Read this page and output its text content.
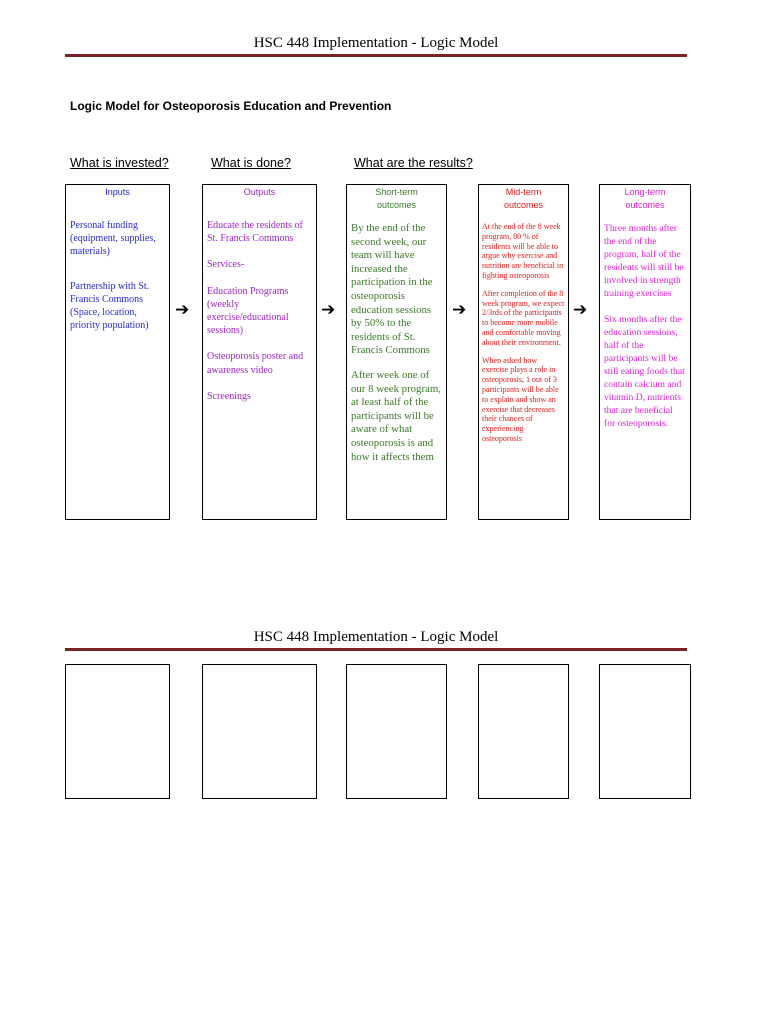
HSC 448 Implementation - Logic Model
Logic Model for Osteoporosis Education and Prevention
What is invested?	What is done?	What are the results?
Inputs

Personal funding (equipment, supplies, materials)

Partnership with St. Francis Commons (Space, location, priority population)

➔
Outputs

Educate the residents of St. Francis Commons

Services-

Education Programs (weekly exercise/educational sessions)

Osteoporosis poster and awareness video

Screenings

➔
Short-term
outcomes

By the end of the second week, our team will have increased the participation in the osteoporosis education sessions by 50% to the residents of St. Francis Commons

After week one of our 8 week program, at least half of the participants will be aware of what osteoporosis is and how it affects them

➔
Mid-term
outcomes

At the end of the 8 week program, 80 % of residents will be able to argue why exercise and nutrition are beneficial in fighting osteoporosis

After completion of the 8 week program, we expect 2/3rds of the participants to become more mobile and comfortable moving about their environment.

When asked how exercise plays a role in osteoporosis, 1 out of 3 participants will be able to explain and show an exercise that decreases their chances of experiencing osteoporosis

➔
Long-term
outcomes

Three months after the end of the program, half of the residents will still be involved in strength training exercises

Six months after the education sessions, half of the participants will be still eating foods that contain calcium and vitamin D, nutrients that are beneficial for osteoporosis.

HSC 448 Implementation - Logic Model
